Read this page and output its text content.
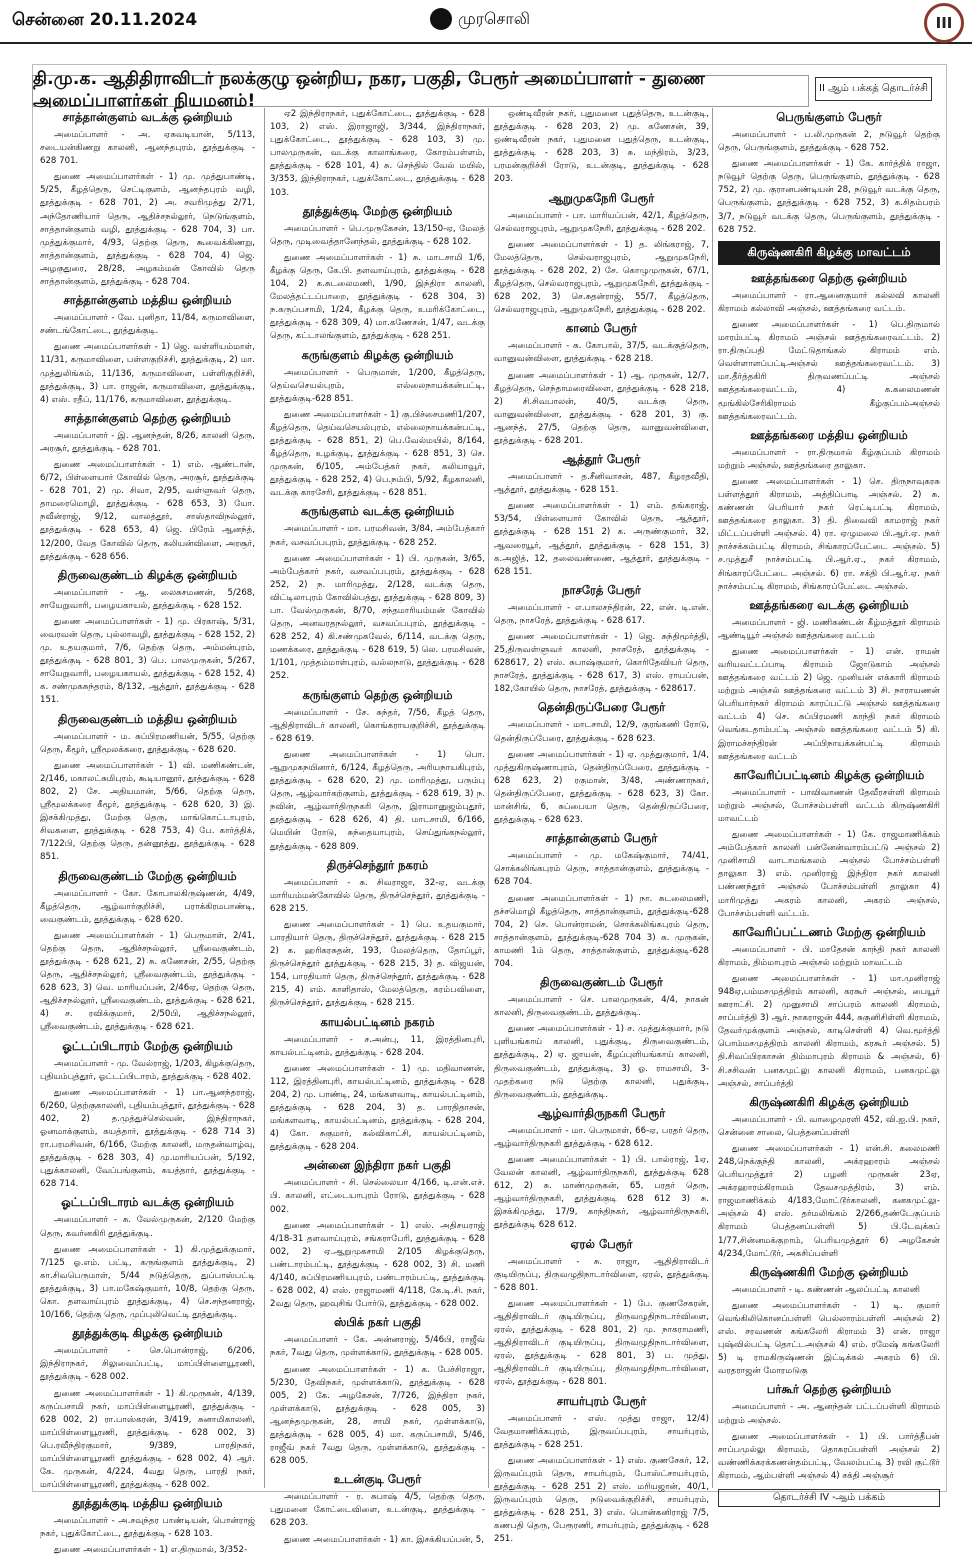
சென்னை 20.11.2024	முரசொலி	III
தி.மு.க. ஆதிதிராவிடர் நலக்குழு ஒன்றிய, நகர, பகுதி, பேரூர் அமைப்பாளர் - துணை அமைப்பாளர்கள் நியமனம்!
II ஆம் பக்கத் தொடர்ச்சி
சாத்தான்குளம் வடக்கு ஒன்றியம்

அமைப்பாளர் - அ. ஏசுவடியான், 5/113, சடையன்கிணறு காலனி, ஆனந்தபுரம், தூத்துக்குடி - 628 701.

துணை அமைப்பாளர்கள் - 1) மு. முத்துபாண்டி, 5/25, கீழத்தெரு, செட்டிகுளம், ஆனந்தபுரம் வழி, தூத்துக்குடி - 628 701, 2) அ. சவரிமுத்து 2/71, அந்தோணியார் தெரு, ஆதிச்சநல்லூர், நெடுங்குளம், சாத்தான்குளம் வழி, தூத்துக்குடி - 628 704, 3) பா. முத்துக்குமார், 4/93, தெற்கு தெரு, கூவைக்கிணறு, சாத்தான்குளம், தூத்துக்குடி - 628 704, 4) ஜெ. அழகுதுரை, 28/28, அழகம்மன் கோவில் தெரு சாத்தான்குளம், தூத்துக்குடி - 628 704.

சாத்தான்குளம் மத்திய ஒன்றியம்

அமைப்பாளர் - வே. புனிதா, 11/84, கருமாவிளை, சண்டங்கோட்டை, தூத்துக்குடி.

துணை அமைப்பாளர்கள் - 1) ஜெ. வள்ளியம்மாள், 11/31, கருமாவிளை, பள்ளகுறிச்சி, தூத்துக்குடி, 2) மா. முத்துலிங்கம், 11/136, கருமாவிளை, பள்ளிகுறிச்சி, தூத்துக்குடி, 3) பா. ராஜன், கருமாவிளை, தூத்துக்குடி, 4) எஸ். ரதீப், 11/176, கருமாவிளை, தூத்துக்குடி.

சாத்தான்குளம் தெற்கு ஒன்றியம்

அமைப்பாளர் - இ. ஆனந்தன், 8/26, காலனி தெரு, அரசூர், தூத்துக்குடி - 628 701.

துணை அமைப்பாளர்கள் - 1) எம். ஆண்டான், 6/72, பிள்ளையார் கோவில் தெரு, அரசூர், தூத்துக்குடி - 628 701, 2) மு. சிவா, 2/95, வள்ளுவர் தெரு, தாமரைமொழி, தூத்துக்குடி - 628 653, 3) யோ. நவீன்ராஜ், 9/12, வாலத்தூர், சாஸ்தாவிநல்லூர், தூத்துக்குடி - 628 653, 4) ஜெ. பிரேம் ஆனந்த், 12/200, வேத கோவில் தெரு, கலியன்விளை, அரசூர், தூத்துக்குடி - 628 656.

திருவைகுண்டம் கிழக்கு ஒன்றியம்

அமைப்பாளர் - ஆ. லைசுசமணன், 5/268, சாயேறுவாரி, பழையகாயல், தூத்துக்குடி - 628 152.

துணை அமைப்பாளர்கள் - 1) மு. பிரகாஷ், 5/31, வைரவன் தெரு, புல்லாவழி, தூத்துக்குடி - 628 152, 2) மு. உதயகுமார், 7/6, தெற்கு தெரு, அம்மன்புரம், தூத்துக்குடி - 628 801, 3) பெ. பாலமுருகன், 5/267, சாயேறுவாரி, பழையகாயல், தூத்துக்குடி - 628 152, 4) க. சண்முகசுந்தரம், 8/132, ஆத்தூர், தூத்துக்குடி - 628 151.

திருவைகுண்டம் மத்திய ஒன்றியம்

அமைப்பாளர் - ம. சுப்பிரமணியன், 5/55, தெற்கு தெரு, கீழூர், ஸ்ரீமூலக்கரை, தூத்துக்குடி - 628 620.

துணை அமைப்பாளர்கள் - 1) வி. மணிகண்டன், 2/146, மகாலட்சுமிபுரம், கூடியானூர், தூத்துக்குடி - 628 802, 2) சே. அதியமான், 5/66, தெற்கு தெரு, ஸ்ரீமூலக்கரை கீழூர், தூத்துக்குடி - 628 620, 3) இ. இசக்கிமுத்து, மேற்கு தெரு, மாங்கொட்டாபுரம், சிவகளை, தூத்துக்குடி - 628 753, 4) பே. கார்த்திக், 7/122பி, தெற்கு தெரு, தன்னூத்து, தூத்துக்குடி - 628 851.

திருவைகுண்டம் மேற்கு ஒன்றியம்

அமைப்பாளர் - கோ. கோபாலகிருஷ்ணன், 4/49, கீழத்தெரு, ஆழ்வார்குறிச்சி, பராக்கிரமபாண்டி, வைகுண்டம், தூத்துக்குடி - 628 620.

துணை அமைப்பாளர்கள் - 1) பெருமாள், 2/41, தெற்கு தெரு, ஆதிச்சநல்லூர், ஸ்ரீவைகுண்டம், தூத்துக்குடி - 628 621, 2) சு. கணேசன், 2/55, தெற்கு தெரு, ஆதிச்சநல்லூர், ஸ்ரீவைகுண்டம், தூத்துக்குடி - 628 623, 3) வெ. மாரியப்பன், 2/46ஏ, தெற்கு தெரு, ஆதிச்சநல்லூர், ஸ்ரீவைகுண்டம், தூத்துக்குடி - 628 621, 4) ச. ரவிக்குமார், 2/50பி, ஆதிச்சநல்லூர், ஸ்ரீவைகுண்டம், தூத்துக்குடி - 628 621.

ஓட்டப்பிடாரம் மேற்கு ஒன்றியம்

அமைப்பாளர் - மு. வேல்ராஜ், 1/203, கிழக்குதெரு, புதியம்புத்தூர், ஓட்டப்பிடாரம், தூத்துக்குடி - 628 402.

துணை அமைப்பாளர்கள் - 1) பா.ஆனந்தராஜ், 6/260, தெற்குகாலனி, புதியம்புத்தூர், தூத்துக்குடி - 628 402, 2) த.முத்துச்செல்வன், இந்திராநகர், ஓனமாக்குளம், கயத்தார், தூத்துக்குடி - 628 714 3) ரா.பரமசிவன், 6/166, மேற்கு காலனி, மருதன்வாழ்வு, தூத்துக்குடி - 628 303, 4) மு.மாரியப்பன், 5/192, புதுக்காலனி, வேப்பங்குளம், கயத்தார், தூத்துக்குடி - 628 714.

ஓட்டப்பிடாரம் வடக்கு ஒன்றியம்

அமைப்பாளர் - சு. வேல்முருகன், 2/120 மேற்கு தெரு, கவர்னகிரி தூத்துக்குடி.

துணை அமைப்பாளர்கள் - 1) கி.முத்துக்குமார், 7/125 ஓ.எம். பட்டி, கருங்குளம் தூத்துக்குடி, 2) கா.சிவபெருமாள், 5/44 நடுத்தெரு, துப்பாஸ்பட்டி தூத்துக்குடி, 3) பா.மகேஷ்குமார், 10/8, தெற்கு தெரு, கொ. தளவாய்புரம் தூத்துக்குடி, 4) செ.சந்தனராஜ், 10/166, தெற்கு தெரு, முப்புலிவெட்டி தூத்துக்குடி.

தூத்துக்குடி கிழக்கு ஒன்றியம்

அமைப்பாளர் - செ.பொன்ராஜ், 6/206, இந்திராநகர், சிலுவைப்பட்டி, மாப்பிள்ளையூரணி, தூத்துக்குடி - 628 002.

துணை அமைப்பாளர்கள் - 1) கி.முருகன், 4/139, கருப்பசாமி நகர், மாப்பிள்ளையூரணி, தூத்துக்குடி - 628 002, 2) ரா.பாஸ்கரன், 3/419, சுனாமிகாலனி, மாப்பிள்ளையூரணி, தூத்துக்குடி - 628 002, 3) பெ.ரவீந்திரகுமார், 9/389, பாரதிநகர், மாப்பிள்ளையூரணி தூத்துக்குடி - 628 002, 4) ஆர். கே. முருகன், 4/224, 4வது தெரு, பாரதி நகர், மாப்பிள்ளையூரணி, தூத்துக்குடி - 628 002.

தூத்துக்குடி மத்திய ஒன்றியம்

அமைப்பாளர் - அ.சவுந்தர பாண்டியன், பொன்ராஜ் நகர், புதுக்கோட்டை, தூத்துக்குடி - 628 103.

துணை அமைப்பாளர்கள் - 1) எ.திருமால், 3/352-

ஏ2 இந்திராநகர், புதுக்கோட்டை, தூத்துக்குடி - 628 103, 2) எஸ். இராஜாஜி, 3/344, இந்திராநகர், புதுக்கோட்டை, தூத்துக்குடி - 628 103, 3) மு. பாலமுருகன், வடக்கு காலாங்கரை, கோரம்பள்ளம், தூத்துக்குடி - 628 101, 4) சு. செந்தில் வேல் மயில், 3/353, இந்திராநகர், புதுக்கோட்டை, தூத்துக்குடி - 628 103.

தூத்துக்குடி மேற்கு ஒன்றியம்

அமைப்பாளர் - பெ.முருகேசன், 13/150-ஏ, மேலத் தெரு, முடிவைத்தானேந்தல், தூத்துக்குடி - 628 102.

துணை அமைப்பாளர்கள் - 1) சு. மாடசாமி 1/6, கீழக்கு தெரு, கே.பி. தளவாய்புரம், தூத்துக்குடி - 628 104, 2) க.சுடலைமணி, 1/90, இந்திரா காலனி, மேலத்தட்டப்பாறை, தூத்துக்குடி - 628 304, 3) ந.கருப்பசாமி, 1/24, கீழக்கு தெரு, உமரிக்கோட்டை, தூத்துக்குடி - 628 309, 4) மா.கணேசன், 1/47, வடக்கு தெரு, கட்டாலங்குளம், தூத்துக்குடி - 628 251.

கருங்குளம் கிழக்கு ஒன்றியம்

அமைப்பாளர் - பெருமாள், 1/200, கீழத்தெரு, தெய்வசெயல்புரம், எல்லைநாயக்கன்பட்டி, தூத்துக்குடி-628 851.

துணை அமைப்பாளர்கள் - 1) கு.பிச்சைமணி1/207, கீழத்தெரு, தெய்வசெயல்புரம், எல்லைநாயக்கன்பட்டி, தூத்துக்குடி - 628 851, 2) பெ.வேல்மயில், 8/164, கீழத்தெரு, உழக்குடி, தூத்துக்குடி - 628 851, 3) செ. முருகன், 6/105, அம்பேத்கர் நகர், கலியாவூர், தூத்துக்குடி - 628 252, 4) பெ.நம்பி, 5/92, கீழகாலனி, வடக்கு காரசேரி, தூத்துக்குடி - 628 851.

கருங்குளம் வடக்கு ஒன்றியம்

அமைப்பாளர் - மா. பரமசிவன், 3/84, அம்பேத்கார் நகர், வசவப்பபுரம், தூத்துக்குடி - 628 252.

துணை அமைப்பாளர்கள் - 1) பி. முருகன், 3/65, அம்பேத்கார் நகர், வசவப்பபுரம், தூத்துக்குடி - 628 252, 2) ந. மாரிமுத்து, 2/128, வடக்கு தெரு, விட்டிலாபுரம் கோவில்பத்து, தூத்துக்குடி - 628 809, 3) பா. வேல்முருகன், 8/70, சந்தமாரியம்மன் கோவில் தெரு, அனவரதநல்லூர், வசவப்பபுரம், தூத்துக்குடி - 628 252, 4) கி.சண்முகவேல், 6/114, வடக்கு தெரு, மணக்கரை, தூத்துக்குடி - 628 619, 5) லெ. பரமசிவன், 1/101, முத்தம்மாள்புரம், வல்லநாடு, தூத்துக்குடி - 628 252.

கருங்குளம் தெற்கு ஒன்றியம்

அமைப்பாளர் - சே. சுந்தர், 7/56, கீழத் தெரு, ஆதிதிராவிடர் காலனி, கொங்கராயகுறிச்சி, தூத்துக்குடி - 628 619.

துணை அமைப்பாளர்கள் - 1) பொ. ஆறுமுகநயினார், 6/124, கீழத்தெரு, அரியநாயகிபுரம், தூத்துக்குடி - 628 620, 2) மு. மாரிமுத்து, பரும்பு தெரு, ஆழ்வார்கற்குளம், தூத்துக்குடி - 628 619, 3) ந. நவின், ஆழ்வார்திருநகரி தெரு, இராமானுஜம்புதூர், தூத்துக்குடி - 628 626, 4) தி. மாடசாமி, 6/166, மெயின் ரோடு, சுந்தையாபுரம், செய்துங்கநல்லூர், தூத்துக்குடி - 628 809.

திருச்செந்தூர் நகரம்

அமைப்பாளர் - சு. சிவராஜா, 32-ஏ, வடக்கு மாரியம்மன்கோவில் தெரு, திருச்செந்தூர், தூத்துக்குடி - 628 215.

துணை அமைப்பாளர்கள் - 1) பெ. உதயகுமார், பாரதியார் தெரு, திருச்செந்தூர், தூத்துக்குடி - 628 215 2) க. ஹரிகரசுதன், 193, மேலத்தெரு, தோப்பூர், திருச்செந்தூர் தூத்துக்குடி - 628 215, 3) த. விஜயன், 154, பாரதியார் தெரு, திருச்செந்தூர், தூத்துக்குடி - 628 215, 4) எம். காளிதாஸ், மேலத்தெரு, கரம்பவிளை, திருச்செந்தூர், தூத்துக்குடி - 628 215.

காயல்பட்டினம் நகரம்

அமைப்பாளர் - ச.அன்பு, 11, இரத்தினபுரி, காயல்பட்டினம், தூத்துக்குடி - 628 204.

துணை அமைப்பாளர்கள் - 1) மு. மதிவாணன், 112, இரத்தினபுரி, காயல்பட்டினம், தூத்துக்குடி - 628 204, 2) மு. பாண்டி, 24, மங்களவாடி, காயல்பட்டினம், தூத்துக்குடி - 628 204, 3) த. பாரதிதாசன், மங்களவாடி, காயல்பட்டினம், தூத்துக்குடி - 628 204, 4) கோ. சுகுமார், கல்விகாட்சி, காயல்பட்டினம், தூத்துக்குடி - 628 204.

அன்னை இந்திரா நகர் பகுதி

அமைப்பாளர் - சி. செல்லையா 4/166, டி.என்.எச். பி. காலனி, எட்டையாபுரம் ரோடு, தூத்துக்குடி - 628 002.

துணை அமைப்பாளர்கள் - 1) எஸ். அதிசயராஜ் 4/18-31 தளவாய்புரம், சங்கராபேரி, தூத்துக்குடி - 628 002, 2) ஏ.ஆறுமுகசாமி 2/105 கிழக்குதெரு, பண்டாரம்பட்டி, தூத்துக்குடி - 628 002, 3) சி. மணி 4/140, சுப்பிரமணியபுரம், பண்டாரம்பட்டி, தூத்துக்குடி - 628 002, 4) எஸ். ராஜாமணி 4/118, கே.டி.சி. நகர், 2வது தெரு, ஹவுசிங் போர்டு, தூத்துக்குடி - 628 002.

ஸ்பிக் நகர் பகுதி

அமைப்பாளர் - கே. அன்னராஜ், 5/46பி, ராஜீவ் நகர், 7வது தெரு, முள்ளக்காடு, தூத்துக்குடி - 628 005.

துணை அமைப்பாளர்கள் - 1) க. பேச்சிராஜா, 5/230, தேவிநகர், முள்ளக்காடு, தூத்துக்குடி - 628 005, 2) கே. அழகேசன், 7/726, இந்திரா நகர், முள்ளக்காடு, தூத்துக்குடி - 628 005, 3) ஆனந்தமுருகன், 28, சாமி நகர், முள்ளக்காடு, தூத்துக்குடி - 628 005, 4) மா. கருப்பசாமி, 5/46, ராஜீவ் நகர் 7வது தெரு, முள்ளக்காடு, தூத்துக்குடி - 628 005.

உடன்குடி பேரூர்

அமைப்பாளர் - ர. சுபாஷ் 4/5, தெற்கு தெரு, புதுமனை கோட்டைவிளை, உடன்குடி, தூத்துக்குடி - 628 203.

துணை அமைப்பாளர்கள் - 1) கா. இசக்கியப்பன், 5,

ஒண்டிவீரன் நகர், புதுமனை புதுத்தெரு, உடன்குடி, தூத்துக்குடி - 628 203, 2) மு. கணேசன், 39, ஒண்டிவீரன் நகர், புதுமனை புதுத்தெரு, உடன்குடி, தூத்துக்குடி - 628 203, 3) சு. மந்திரம், 3/23, பரமன்குறிச்சி ரோடு, உடன்குடி, தூத்துக்குடி - 628 203.

ஆறுமுகநேரி பேரூர்

அமைப்பாளர் - பா. மாரியப்பன், 42/1, கீழத்தெரு, செல்வராஜபுரம், ஆறுமுகநேரி, தூத்துக்குடி - 628 202.

துணை அமைப்பாளர்கள் - 1) த. லிங்கராஜ், 7, மேலத்தெரு, செல்வராஜபுரம், ஆறுமுகநேரி, தூத்துக்குடி - 628 202, 2) சே. கொழுமுருகன், 67/1, கீழத்தெரு, செல்வராஜபுரம், ஆறுமுகநேரி, தூத்துக்குடி - 628 202, 3) செ.சுதன்ராஜ், 55/7, கீழத்தெரு, செல்வராஜபுரம், ஆறுமுகநேரி, தூத்துக்குடி - 628 202.

கானம் பேரூர்

அமைப்பாளர் - சு. கோபால், 37/5, வடக்குத்தெரு, வானுவன்விளை, தூத்துக்குடி - 628 218.

துணை அமைப்பாளர்கள் - 1) ஆ. முருகன், 12/7, கீழத்தெரு, செந்தாமரைவிளை, தூத்துக்குடி - 628 218, 2) சி.சிவபாலன், 40/5, வடக்கு தெரு, வானுவன்விளை, தூத்துக்குடி - 628 201, 3) கு. ஆனந்த், 27/5, தெற்கு தெரு, வானுவன்விளை, தூத்துக்குடி - 628 201.

ஆத்தூர் பேரூர்

அமைப்பாளர் - த.சீனிவாசன், 487, கீழரதவீதி, ஆத்தூர், தூத்துக்குடி - 628 151.

துணை அமைப்பாளர்கள் - 1) எம். தங்கராஜ், 53/54, பிள்ளையார் கோவில் தெரு, ஆத்தூர், தூத்துக்குடி - 628 151 2) க. அருண்குமார், 32, ஆவரையூர், ஆத்தூர், தூத்துக்குடி - 628 151, 3) க.அஜித், 12, தலைவண்ணை, ஆத்தூர், தூத்துக்குடி - 628 151.

நாசரேத் பேரூர்

அமைப்பாளர் - எ.பாலசந்திரன், 22, என். டி.என். தெரு, நாசரேத், தூத்துக்குடி - 628 617.

துணை அமைப்பாளர்கள் - 1) ஜெ. சுந்திமூர்த்தி, 25,திருவள்ளுவர் காலனி, நாசரேத், தூத்துக்குடி - 628617, 2) எஸ். சுபாஷ்குமார், கொரிதேவியர் தெரு, நாசரேத், தூத்துக்குடி - 628 617, 3) எஸ். ராயப்பன், 182,கோயில் தெரு, நாசரேத், தூத்துக்குடி - 628617.

தென்திருப்பேரை பேரூர்

அமைப்பாளர் - மாடசாமி, 12/9, குரங்கணி ரோடு, தென்திருப்பேரை, தூத்துக்குடி - 628 623.

துணை அமைப்பாளர்கள் - 1) ஏ. முத்துகுமார், 1/4, முத்துகிருஷ்ணாபுரம், தென்திருப்பேரை, தூத்துக்குடி - 628 623, 2) ரகுமான், 3/48, அண்ணாநகர், தென்திருப்பேரை, தூத்துக்குடி - 628 623, 3) கோ. மான்சிங், 6, சுப்பையா தெரு, தென்திருப்பேரை, தூத்துக்குடி - 628 623.

சாத்தான்குளம் பேரூர்

அமைப்பாளர் - மு. மகேஷ்குமார், 74/41, சொக்கலிங்கபுரம் தெரு, சாத்தான்குளம், தூத்துக்குடி - 628 704.

துணை அமைப்பாளர்கள் - 1) நா. சுடலைமணி, தச்சமொழி கீழத்தெரு, சாத்தான்குளம், தூத்துக்குடி-628 704, 2) செ. பொன்ராமன், சொக்கலிங்கபுரம் தெரு, சாத்தான்குளம், தூத்துக்குடி-628 704 3) சு. முருகன், காமணி 1ம் தெரு, சாத்தான்குளம், தூத்துக்குடி-628 704.

திருவைகுண்டம் பேரூர்

அமைப்பாளர் - செ. பாலமுருகன், 4/4, நாகன் காலனி, திருவைகுண்டம், தூத்துக்குடி.

துணை அமைப்பாளர்கள் - 1) ச. முத்துக்குமார், நடு புளியங்காய் காலனி, புதுக்குடி, திருவைகுண்டம், தூத்துக்குடி, 2) ஏ. ஜாயன், கீழப்புளியங்காய் காலனி, திருவைகுண்டம், தூத்துக்குடி, 3) ஓ. ராமசாமி, 3-முதற்கரை நடு தெற்கு காலனி, புதுக்குடி, திருவைகுண்டம், தூத்துக்குடி.

ஆழ்வார்திருநகரி பேரூர்

அமைப்பாளர் - மா. பெருமாள், 66-ஏ, பரதர் தெரு, ஆழ்வார்திருநகரி தூத்துக்குடி - 628 612.

துணை அமைப்பாளர்கள் - 1) பி. பால்ராஜ், 1ஏ, வேலன் காலனி, ஆழ்வார்திருநகரி, தூத்துக்குடி 628 612, 2) சு. மாண்முருகன், 65, பரதர் தெரு, ஆழ்வார்திருநகரி, தூத்துக்குடி 628 612 3) சு. இசக்கிமுத்து, 17/9, காந்திநகர், ஆழ்வார்திருநகரி, தூத்துக்குடி 628 612.

ஏரல் பேரூர்

அமைப்பாளர் - சு. ராஜா, ஆதிதிராவிடர் குடியிருப்பு, திருவழுதிநாடார்விளை, ஏரல், தூத்துக்குடி - 628 801.

துணை அமைப்பாளர்கள் - 1) பே. குணசேகரன், ஆதிதிராவிடர் குடியிருப்பு, திருவழுதிநாடார்விளை, ஏரல், தூத்துக்குடி - 628 801, 2) மு. நாகராமணி, ஆதிதிராவிடர் குடியிருப்பு, திருவழுதிநாடார்விளை, ஏரல், தூத்துக்குடி - 628 801, 3) ப. முத்து, ஆதிதிராவிடர் குடியிருப்பு, திருவழுதிநாடார்விளை, ஏரல், தூத்துக்குடி - 628 801.

சாயர்புரம் பேரூர்

அமைப்பாளர் - எஸ். முத்து ராஜா, 12/4) வேதமாணிக்கபுரம், இருவப்பபுரம், சாயர்புரம், தூத்துக்குடி - 628 251.

துணை அமைப்பாளர்கள் - 1) எஸ். குணசேகர், 12, இருவப்புரம் தெரு, சாயர்புரம், போஸ்ட்சாயர்புரம், தூத்துக்குடி - 628 251 2) எஸ். மரியஜான், 40/1, இருவப்புரம் தெரு, நடுவைக்குறிச்சி, சாயர்புரம், தூத்துக்குடி - 628 251, 3) எஸ். பொன்கனிராஜ் 7/5, கணபதி தெரு, பேரூரணி, சாயர்புரம், தூத்துக்குடி - 628 251.

பெருங்குளம் பேரூர்

அமைப்பாளர் - ப.லி.முருகன் 2, நடுவூர் தெற்கு தெரு, பெருங்குளம், தூத்துக்குடி - 628 752.

துணை அமைப்பாளர்கள் - 1) கே. கார்த்திக் ராஜா, நடுவூர் தெற்கு தெரு, பெருங்குளம், தூத்துக்குடி - 628 752, 2) மு. குரானபண்டியன் 28, நடுவூர் வடக்கு தெரு, பெருங்குளம், தூத்துக்குடி - 628 752, 3) க.சிதம்பரம் 3/7, நடுவூர் வடக்கு தெரு, பெருங்குளம், தூத்துக்குடி - 628 752.

கிருஷ்ணகிரி கிழக்கு மாவட்டம்
ஊத்தங்கரை தெற்கு ஒன்றியம்

அமைப்பாளர் - ரா.ஆனைகுமார் கல்லவி காலனி கிராமம் கல்லாவி அஞ்சல், ஊத்தங்கரை வட்டம்.

துணை அமைப்பாளர்கள் - 1) பெ.திருமால் மாரம்பட்டி கிராமம் அஞ்சல் ஊத்தங்கரைவட்டம். 2) ரா.திருப்பதி மேட்டுதாங்கல் கிராமம் எம். வெள்ளாளப்பட்டிஅஞ்சல் ஊத்தங்கரைவட்டம். 3) மா.தீர்த்தகிரி திருவணப்பட்டி அஞ்சல் ஊத்தங்கரைவட்டம், 4) க.கலைமணன் மூங்கில்சேரிகிராமம் கீழ்குப்பம்அஞ்சல் ஊத்தங்கரைவட்டம்.

ஊத்தங்கரை மத்திய ஒன்றியம்

அமைப்பாளர் - ரா.திருமால் கீழ்குப்பம் கிராமம் மற்றும் அஞ்சல், ஊத்தங்கரை தாலுகா.

துணை அமைப்பாளர்கள் - 1) செ. திருநாவுகரசு பள்ளத்தூர் கிராமம், அத்திப்பாடி அஞ்சல். 2) சு. கண்ணன் பெரியார் நகர் ரெட்டிபட்டி கிராமம், ஊத்தங்கரை தாலுகா. 3) தி. திவைவி காமராஜ் நகர் மிட்டப்பள்ளி அஞ்சல். 4) ரா. ஏழுமலை பி.ஆர்.ஏ. நகர் நாச்சக்கம்பட்டி கிராமம், சிங்காரப்பேட்டை அஞ்சல். 5) ச.முத்துசீ நாச்சம்பட்டி பி.ஆர்.ஏ., நகர் கிராமம், சிங்காரப்பேட்டை அஞ்சல். 6) ரா. சக்தி பி.ஆர்.ஏ. நகர் நாச்சம்பட்டி கிராமம், சிங்காரப்பேட்டை அஞ்சல்.

ஊத்தங்கரை வடக்கு ஒன்றியம்

அமைப்பாளர் - ஜி. மணிகண்டன் கீழ்மத்தூர் கிராமம் ஆண்டியூர் அஞ்சல் ஊத்தங்கரை வட்டம்

துணை அமைப்பாளர்கள் - 1) என். ராமன் வரியவட்டப்பாடி கிராமம் ஜோடுகாம் அஞ்சல் ஊத்தங்கரை வட்டம் 2) ஜெ. முனியன் எக்காரி கிராமம் மற்றும் அஞ்சல் ஊத்தங்கரை வட்டம் 3) சி. நாராயணன் பெரியார்நகர் கிராமம் காரப்பட்டு அஞ்சல் ஊத்தங்கரை வட்டம் 4) செ. சுப்பிரமணி காந்தி நகர் கிராமம் வெங்கடதாம்பட்டி அஞ்சல் ஊத்தங்கரை வட்டம் 5) கி. இராமச்சந்திரன் அப்பிநாயக்கன்பட்டி கிராமம் ஊத்தங்கரை வட்டம்

காவேரிப்பட்டினம் கிழக்கு ஒன்றியம்

அமைப்பாளர் - பாவிவாணன் தேவீரசள்ளி கிராமம் மற்றும் அஞ்சல், போச்சம்பள்ளி வட்டம் கிருஷ்ணகிரி மாவட்டம்

துணை அமைப்பாளர்கள் - 1) கே. ராஜமாணிக்கம் அம்பேத்கார் காலனி பன்னேன்வாரம்பட்டு அஞ்சல் 2) முனிசாமி வாடாமங்கலம் அஞ்சல் போச்சம்பள்ளி தாலுகா 3) எம். முனிராஜ் இந்திரா நகர் காலனி பண்ணந்தூர் அஞ்சல் போச்சம்பள்ளி தாலுகா 4) மாரிமுத்து அகரம் காலனி, அகரம் அஞ்சல், போச்சம்பள்ளி வட்டம்.

காவேரிப்பட்டணம் மேற்கு ஒன்றியம்

அமைப்பாளர் - பி. மாதேசன் காந்தி நகர் காலனி கிராமம், திம்மாபுரம் அஞ்சல் மற்றும் மாவட்டம்

துணை அமைப்பாளர்கள் - 1) மா.முனிராஜ் 948ஏ,பம்மசமுத்திரம் காலனி, கரகூர் அஞ்சல், பையூர் ஊராட்சி. 2) முனுசாமி சாப்பரம் காலனி கிராமம், சாப்பர்த்தி 3) ஆர். நாகராஜன் 444, சுகுனிசிள்ளி கிராமம், தேவர்முக்குளம் அஞ்சல், காடிசெள்ளி 4) வெ.மூர்த்தி பொம்மசமுத்திரம் காலனி கிராமம், கரகூர் அஞ்சல். 5) தி.சிவப்பிரகாசன் திம்மாபுரம் கிராமம் & அஞ்சல், 6) சி.சசிவன் பனகமுட்லு காலனி கிராமம், பனகமுட்லு அஞ்சல், சாப்பர்த்தி

கிருஷ்ணகிரி கிழக்கு ஒன்றியம்

அமைப்பாளர் - பி. வாழைமுரளி 452, வி.ஐ.பி. நகர், சென்னை சாலை, பெத்தனப்பள்ளி

துணை அமைப்பாளர்கள் - 1) என்.சி. கலைமணி 248,நெக்குந்தி காலனி, அக்ரஹாரம் அஞ்சல் பெரியமுத்தூர் 2) பழனி முருகன் 23ஏ, அக்ரஹாரம்கிராமம் தேவசமுத்திரம், 3) எம். ராஜமாணிக்கம் 4/183,மோட்டூர்காலனி, கனகமுட்லு-அஞ்சல் 4) எஸ். தர்மலிங்கம் 2/266,தண்டேகுப்பம் கிராமம் பெத்தனப்பள்ளி 5) பி.டேவுக்கப் 1/77,சின்னமக்குறாம், பெரியமுத்தூர் 6) அழகேசன் 4/234,மோட்டூர், அகசிப்பள்ளி

கிருஷ்ணகிரி மேற்கு ஒன்றியம்

அமைப்பாளர் - டி. கண்ணன் ஆலப்பட்டி காலனி

துணை அமைப்பாளர்கள் - 1) டி. குமார் வெங்கிலிகொனப்பள்ளி பெல்லாரம்பள்ளி அஞ்சல் 2) எஸ். சரவணன் கங்கலேரி கிராமம் 3) என். ராஜா புஷ்வில்பட்டி தொட்டஅஞ்சல் 4) எம். ரமேஷ் கங்கலேரி 5) டி ராமகிருஷ்ணன் இட்டிக்கல் அகரம் 6) பி. வரதராஜன் மோரமடுகு

பர்கூர் தெற்கு ஒன்றியம்

அமைப்பாளர் - அ. ஆனந்தன் பட்டப்பள்ளி கிராமம் மற்றும் அஞ்சல்.

துணை அமைப்பாளர்கள் - 1) பி. பார்த்தீபன் சாப்பமுல்லு கிராமம், தொகரப்பள்ளி அஞ்சல் 2) வண்ணிக்கரக்கணன்தம்பட்டி, வேலம்பட்டி 3) ரவி குட்டூர் கிராமம், ஆம்பள்ளி அஞ்சல் 4) சக்தி அஞ்சூர்

தொடர்ச்சி IV -ஆம் பக்கம்
